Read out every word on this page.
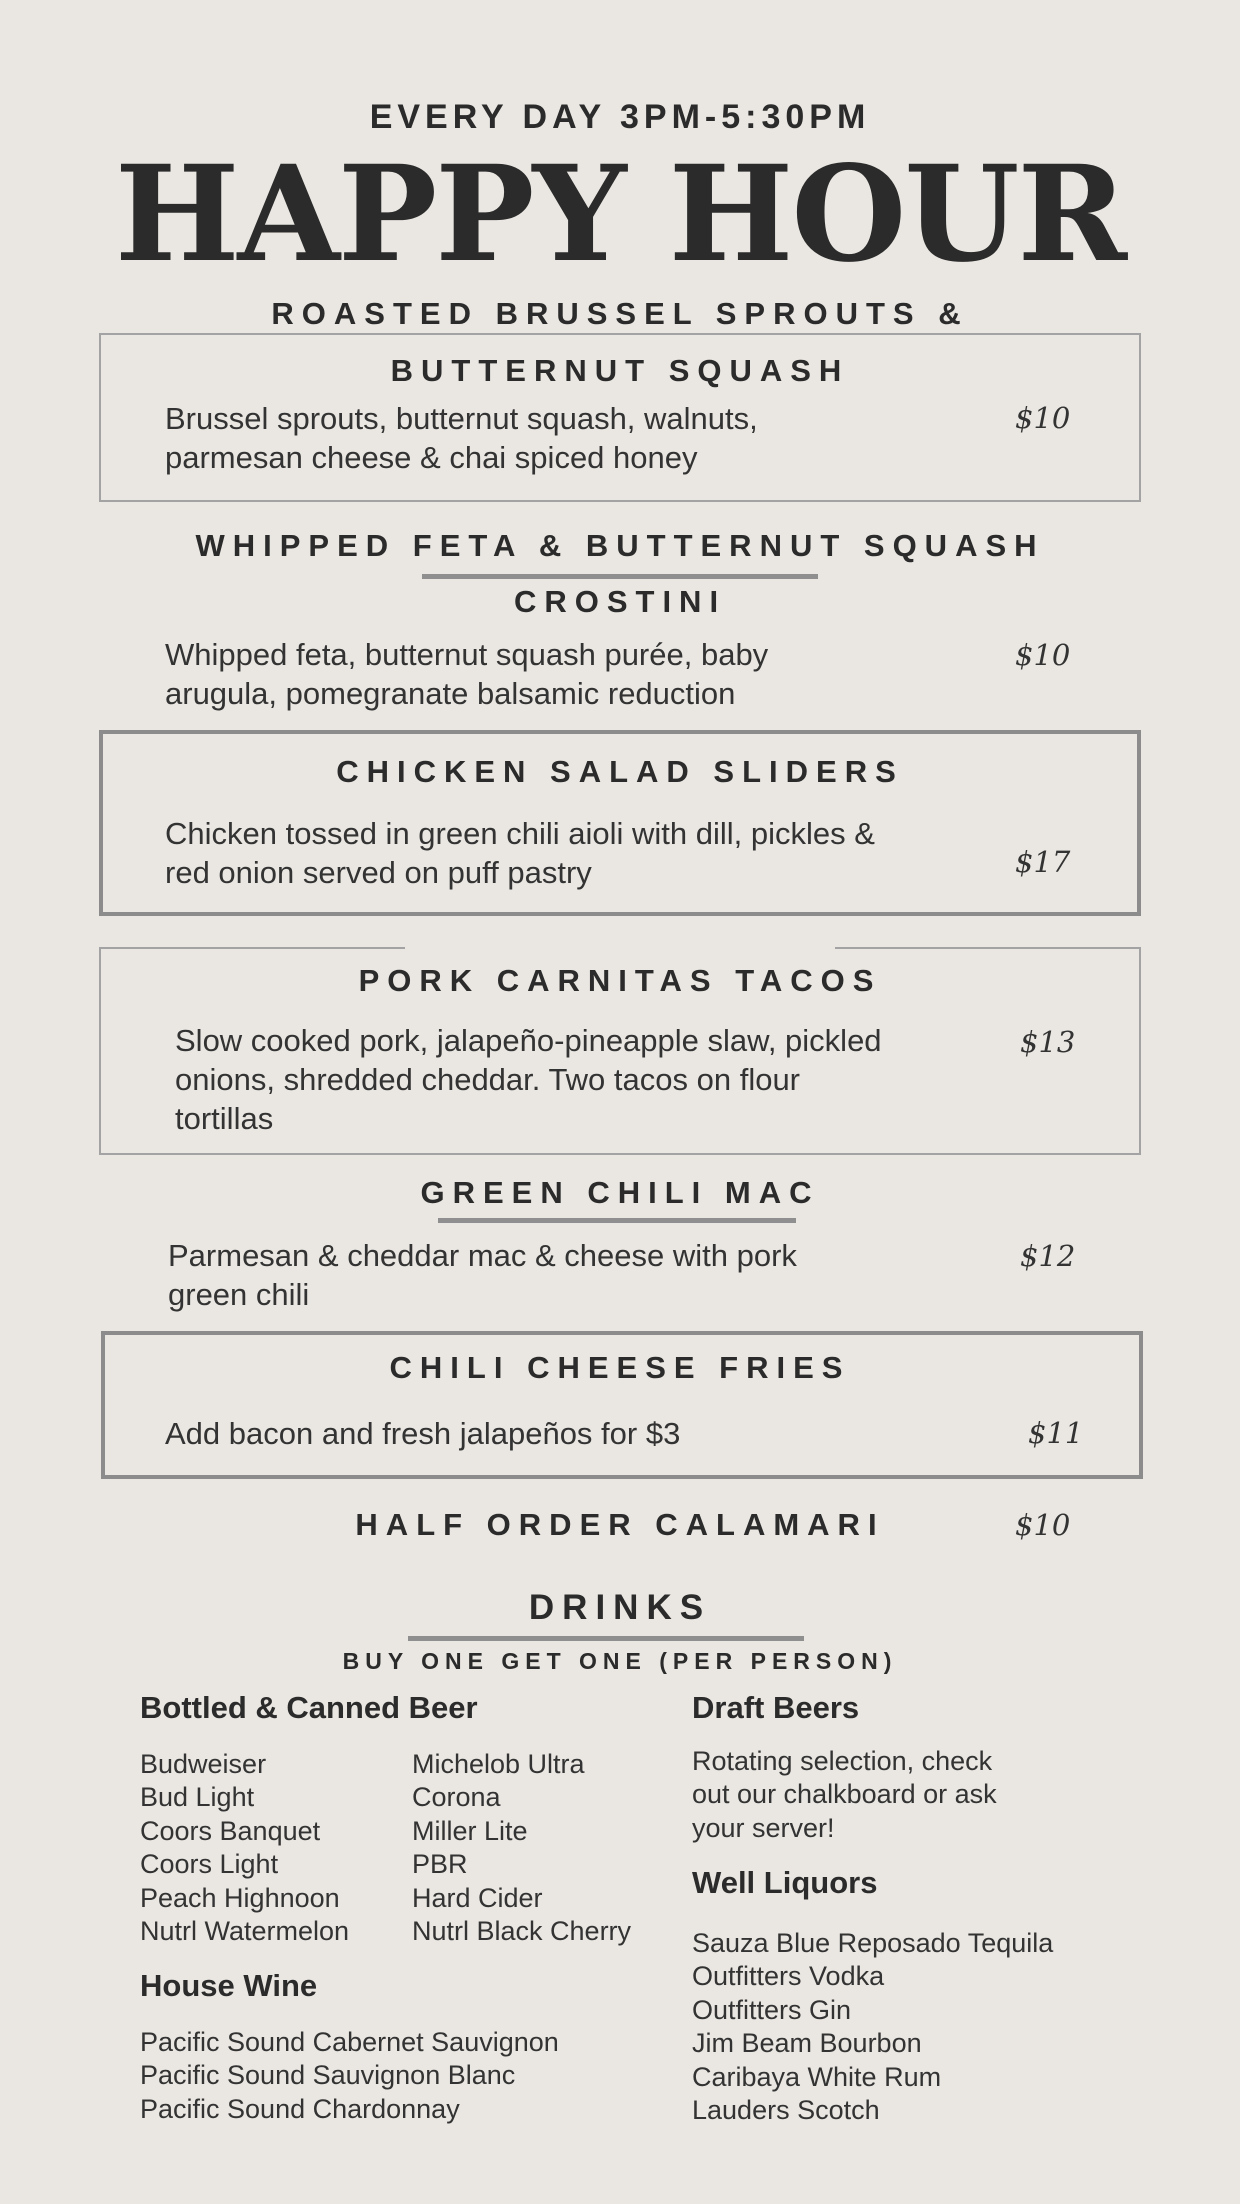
EVERY DAY 3PM-5:30PM
HAPPY HOUR
ROASTED BRUSSEL SPROUTS &
BUTTERNUT SQUASH
Brussel sprouts, butternut squash, walnuts,
parmesan cheese & chai spiced honey
$10
WHIPPED FETA & BUTTERNUT SQUASH
CROSTINI
Whipped feta, butternut squash purée, baby
arugula, pomegranate balsamic reduction
$10
CHICKEN SALAD SLIDERS
Chicken tossed in green chili aioli with dill, pickles &
red onion served on puff pastry	$17
PORK CARNITAS TACOS
Slow cooked pork, jalapeño-pineapple slaw, pickled
onions, shredded cheddar. Two tacos on flour
tortillas
$13
GREEN CHILI MAC
Parmesan & cheddar mac & cheese with pork
green chili
$12
CHILI CHEESE FRIES
Add bacon and fresh jalapeños for $3	$11
HALF ORDER CALAMARI	$10
DRINKS
BUY ONE GET ONE (PER PERSON)
Bottled & Canned Beer
Budweiser
Bud Light
Coors Banquet
Coors Light
Peach Highnoon
Nutrl Watermelon
Michelob Ultra
Corona
Miller Lite
PBR
Hard Cider
Nutrl Black Cherry
House Wine
Pacific Sound Cabernet Sauvignon
Pacific Sound Sauvignon Blanc
Pacific Sound Chardonnay
Draft Beers
Rotating selection, check
out our chalkboard or ask
your server!
Well Liquors
Sauza Blue Reposado Tequila
Outfitters Vodka
Outfitters Gin
Jim Beam Bourbon
Caribaya White Rum
Lauders Scotch
